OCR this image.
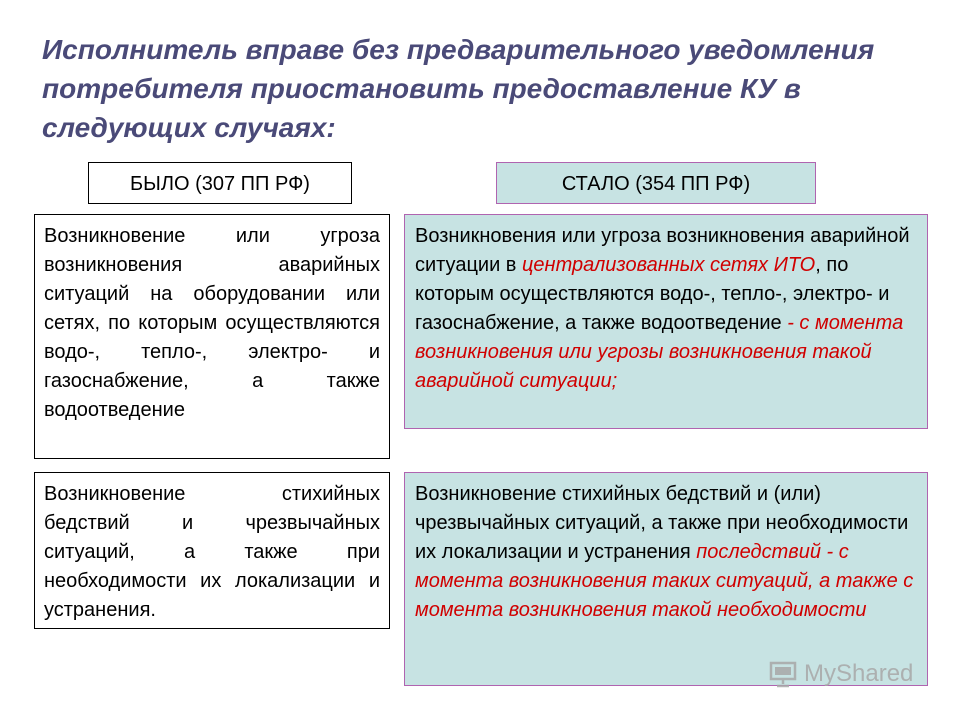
Исполнитель вправе без предварительного уведомления потребителя приостановить предоставление КУ в следующих случаях:
БЫЛО (307 ПП РФ)	СТАЛО (354 ПП РФ)
Возникновение или угроза возникновения аварийных ситуаций на оборудовании или сетях, по которым осуществляются водо-, тепло-, электро- и газоснабжение, а также водоотведение
Возникновение стихийных бедствий и чрезвычайных ситуаций, а также при необходимости их локализации и устранения.
Возникновения или угроза возникновения аварийной ситуации в централизованных сетях ИТО, по которым осуществляются водо-, тепло-, электро- и газоснабжение, а также водоотведение - с момента возникновения или угрозы возникновения такой аварийной ситуации;
Возникновение стихийных бедствий и (или) чрезвычайных ситуаций, а также при необходимости их локализации и устранения последствий - с момента возникновения таких ситуаций, а также с момента возникновения такой необходимости
MyShared
